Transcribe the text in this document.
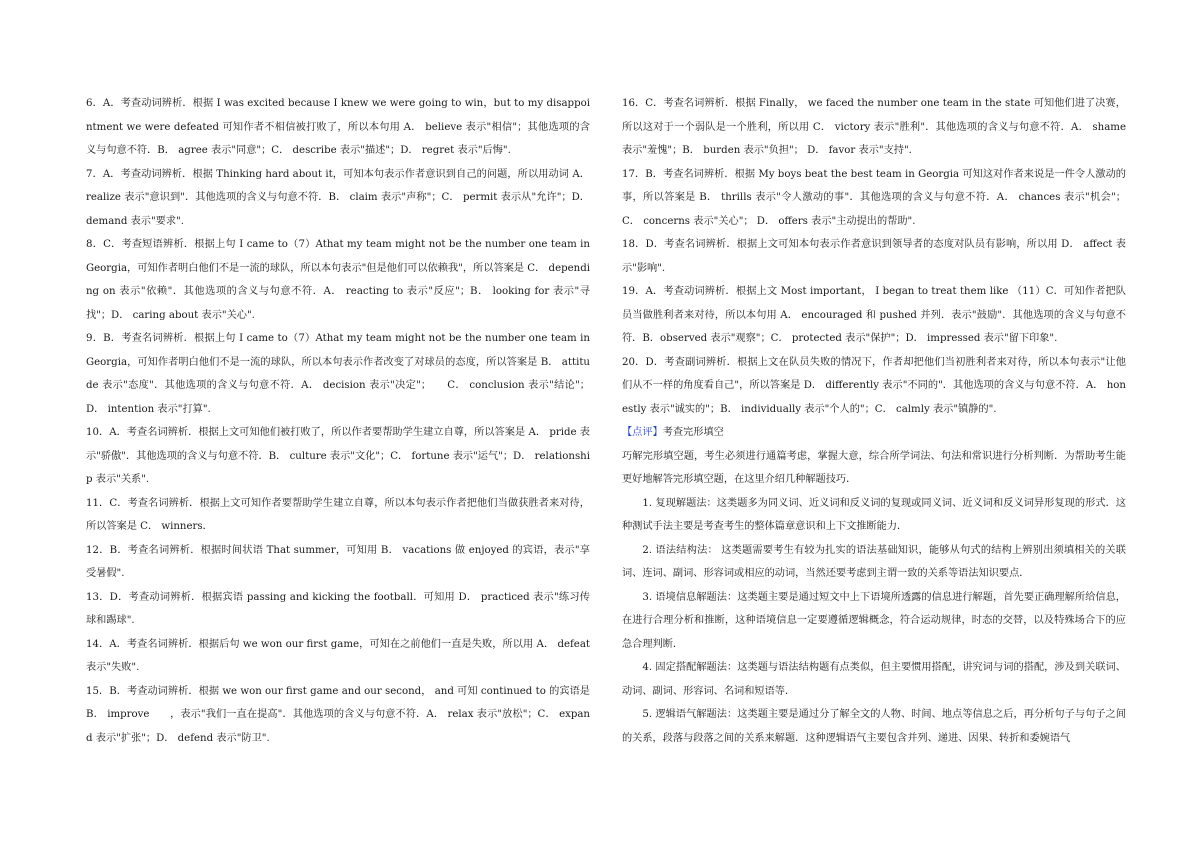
6．A．考查动词辨析．根据 I was excited because I knew we were going to win，but to my disappointment we were defeated 可知作者不相信被打败了，所以本句用 A． believe 表示"相信"；其他选项的含义与句意不符．B． agree 表示"同意"；C． describe 表示"描述"；D． regret 表示"后悔".

7．A．考查动词辨析．根据 Thinking hard about it，可知本句表示作者意识到自己的问题，所以用动词 A． realize 表示"意识到"．其他选项的含义与句意不符．B． claim 表示"声称"；C． permit 表示从"允许"；D． demand 表示"要求".

8．C．考查短语辨析．根据上句 I came to（7）Athat my team might not be the number one team in Georgia，可知作者明白他们不是一流的球队，所以本句表示"但是他们可以依赖我"，所以答案是 C． depending on 表示"依赖"．其他选项的含义与句意不符．A． reacting to 表示"反应"；B． looking for 表示"寻找"；D． caring about 表示"关心".

9．B．考查名词辨析．根据上句 I came to（7）Athat my team might not be the number one team in Georgia，可知作者明白他们不是一流的球队，所以本句表示作者改变了对球员的态度，所以答案是 B． attitude 表示"态度"．其他选项的含义与句意不符．A． decision 表示"决定"；　　C． conclusion 表示"结论"；D． intention 表示"打算".

10．A．考查名词辨析．根据上文可知他们被打败了，所以作者要帮助学生建立自尊，所以答案是 A． pride 表示"骄傲"．其他选项的含义与句意不符．B． culture 表示"文化"；C． fortune 表示"运气"；D． relationship 表示"关系".

11．C．考查名词辨析．根据上文可知作者要帮助学生建立自尊，所以本句表示作者把他们当做获胜者来对待，所以答案是 C． winners．

12．B．考查名词辨析．根据时间状语 That summer，可知用 B． vacations 做 enjoyed 的宾语，表示"享受暑假".

13．D．考查动词辨析．根据宾语 passing and kicking the football．可知用 D． practiced 表示"练习传球和踢球".

14．A．考查名词辨析．根据后句 we won our first game，可知在之前他们一直是失败，所以用 A． defeat 表示"失败".

15．B．考查动词辨析．根据 we won our first game and our second， and 可知 continued to 的宾语是 B． improve　　，表示"我们一直在提高"．其他选项的含义与句意不符．A． relax 表示"放松"；C． expand 表示"扩张"；D． defend 表示"防卫".

16．C．考查名词辨析．根据 Finally， we faced the number one team in the state 可知他们进了决赛，所以这对于一个弱队是一个胜利，所以用 C． victory 表示"胜利"．其他选项的含义与句意不符．A． shame 表示"羞愧"；B． burden 表示"负担"； D． favor 表示"支持".

17．B．考查名词辨析．根据 My boys beat the best team in Georgia 可知这对作者来说是一件令人激动的事，所以答案是 B． thrills 表示"令人激动的事"．其他选项的含义与句意不符．A． chances 表示"机会"；C． concerns 表示"关心"； D． offers 表示"主动提出的帮助".

18．D．考查名词辨析．根据上文可知本句表示作者意识到领导者的态度对队员有影响，所以用 D． affect 表示"影响".

19．A．考查动词辨析．根据上文 Most important， I began to treat them like （11）C．可知作者把队员当做胜利者来对待，所以本句用 A． encouraged 和 pushed 并列．表示"鼓励"．其他选项的含义与句意不符．B．observed 表示"观察"；C． protected 表示"保护"；D． impressed 表示"留下印象".

20．D．考查副词辨析．根据上文在队员失败的情况下，作者却把他们当初胜利者来对待，所以本句表示"让他们从不一样的角度看自己"，所以答案是 D． differently 表示"不同的"．其他选项的含义与句意不符．A． honestly 表示"诚实的"；B． individually 表示"个人的"；C． calmly 表示"镇静的".

【点评】考查完形填空

巧解完形填空题，考生必须进行通篇考虑，掌握大意，综合所学词法、句法和常识进行分析判断．为帮助考生能更好地解答完形填空题，在这里介绍几种解题技巧．

1. 复现解题法：这类题多为同义词、近义词和反义词的复现或同义词、近义词和反义词异形复现的形式．这种测试手法主要是考查考生的整体篇章意识和上下文推断能力．

2. 语法结构法： 这类题需要考生有较为扎实的语法基础知识，能够从句式的结构上辨别出须填相关的关联词、连词、副词、形容词或相应的动词，当然还要考虑到主谓一致的关系等语法知识要点．

3. 语境信息解题法：这类题主要是通过短文中上下语境所透露的信息进行解题，首先要正确理解所给信息，在进行合理分析和推断，这种语境信息一定要遵循逻辑概念，符合运动规律，时态的交替，以及特殊场合下的应急合理判断．

4. 固定搭配解题法：这类题与语法结构题有点类似，但主要惯用搭配，讲究词与词的搭配，涉及到关联词、动词、副词、形容词、名词和短语等．

5. 逻辑语气解题法：这类题主要是通过分了解全文的人物、时间、地点等信息之后，再分析句子与句子之间的关系，段落与段落之间的关系来解题．这种逻辑语气主要包含并列、递进、因果、转折和委婉语气
